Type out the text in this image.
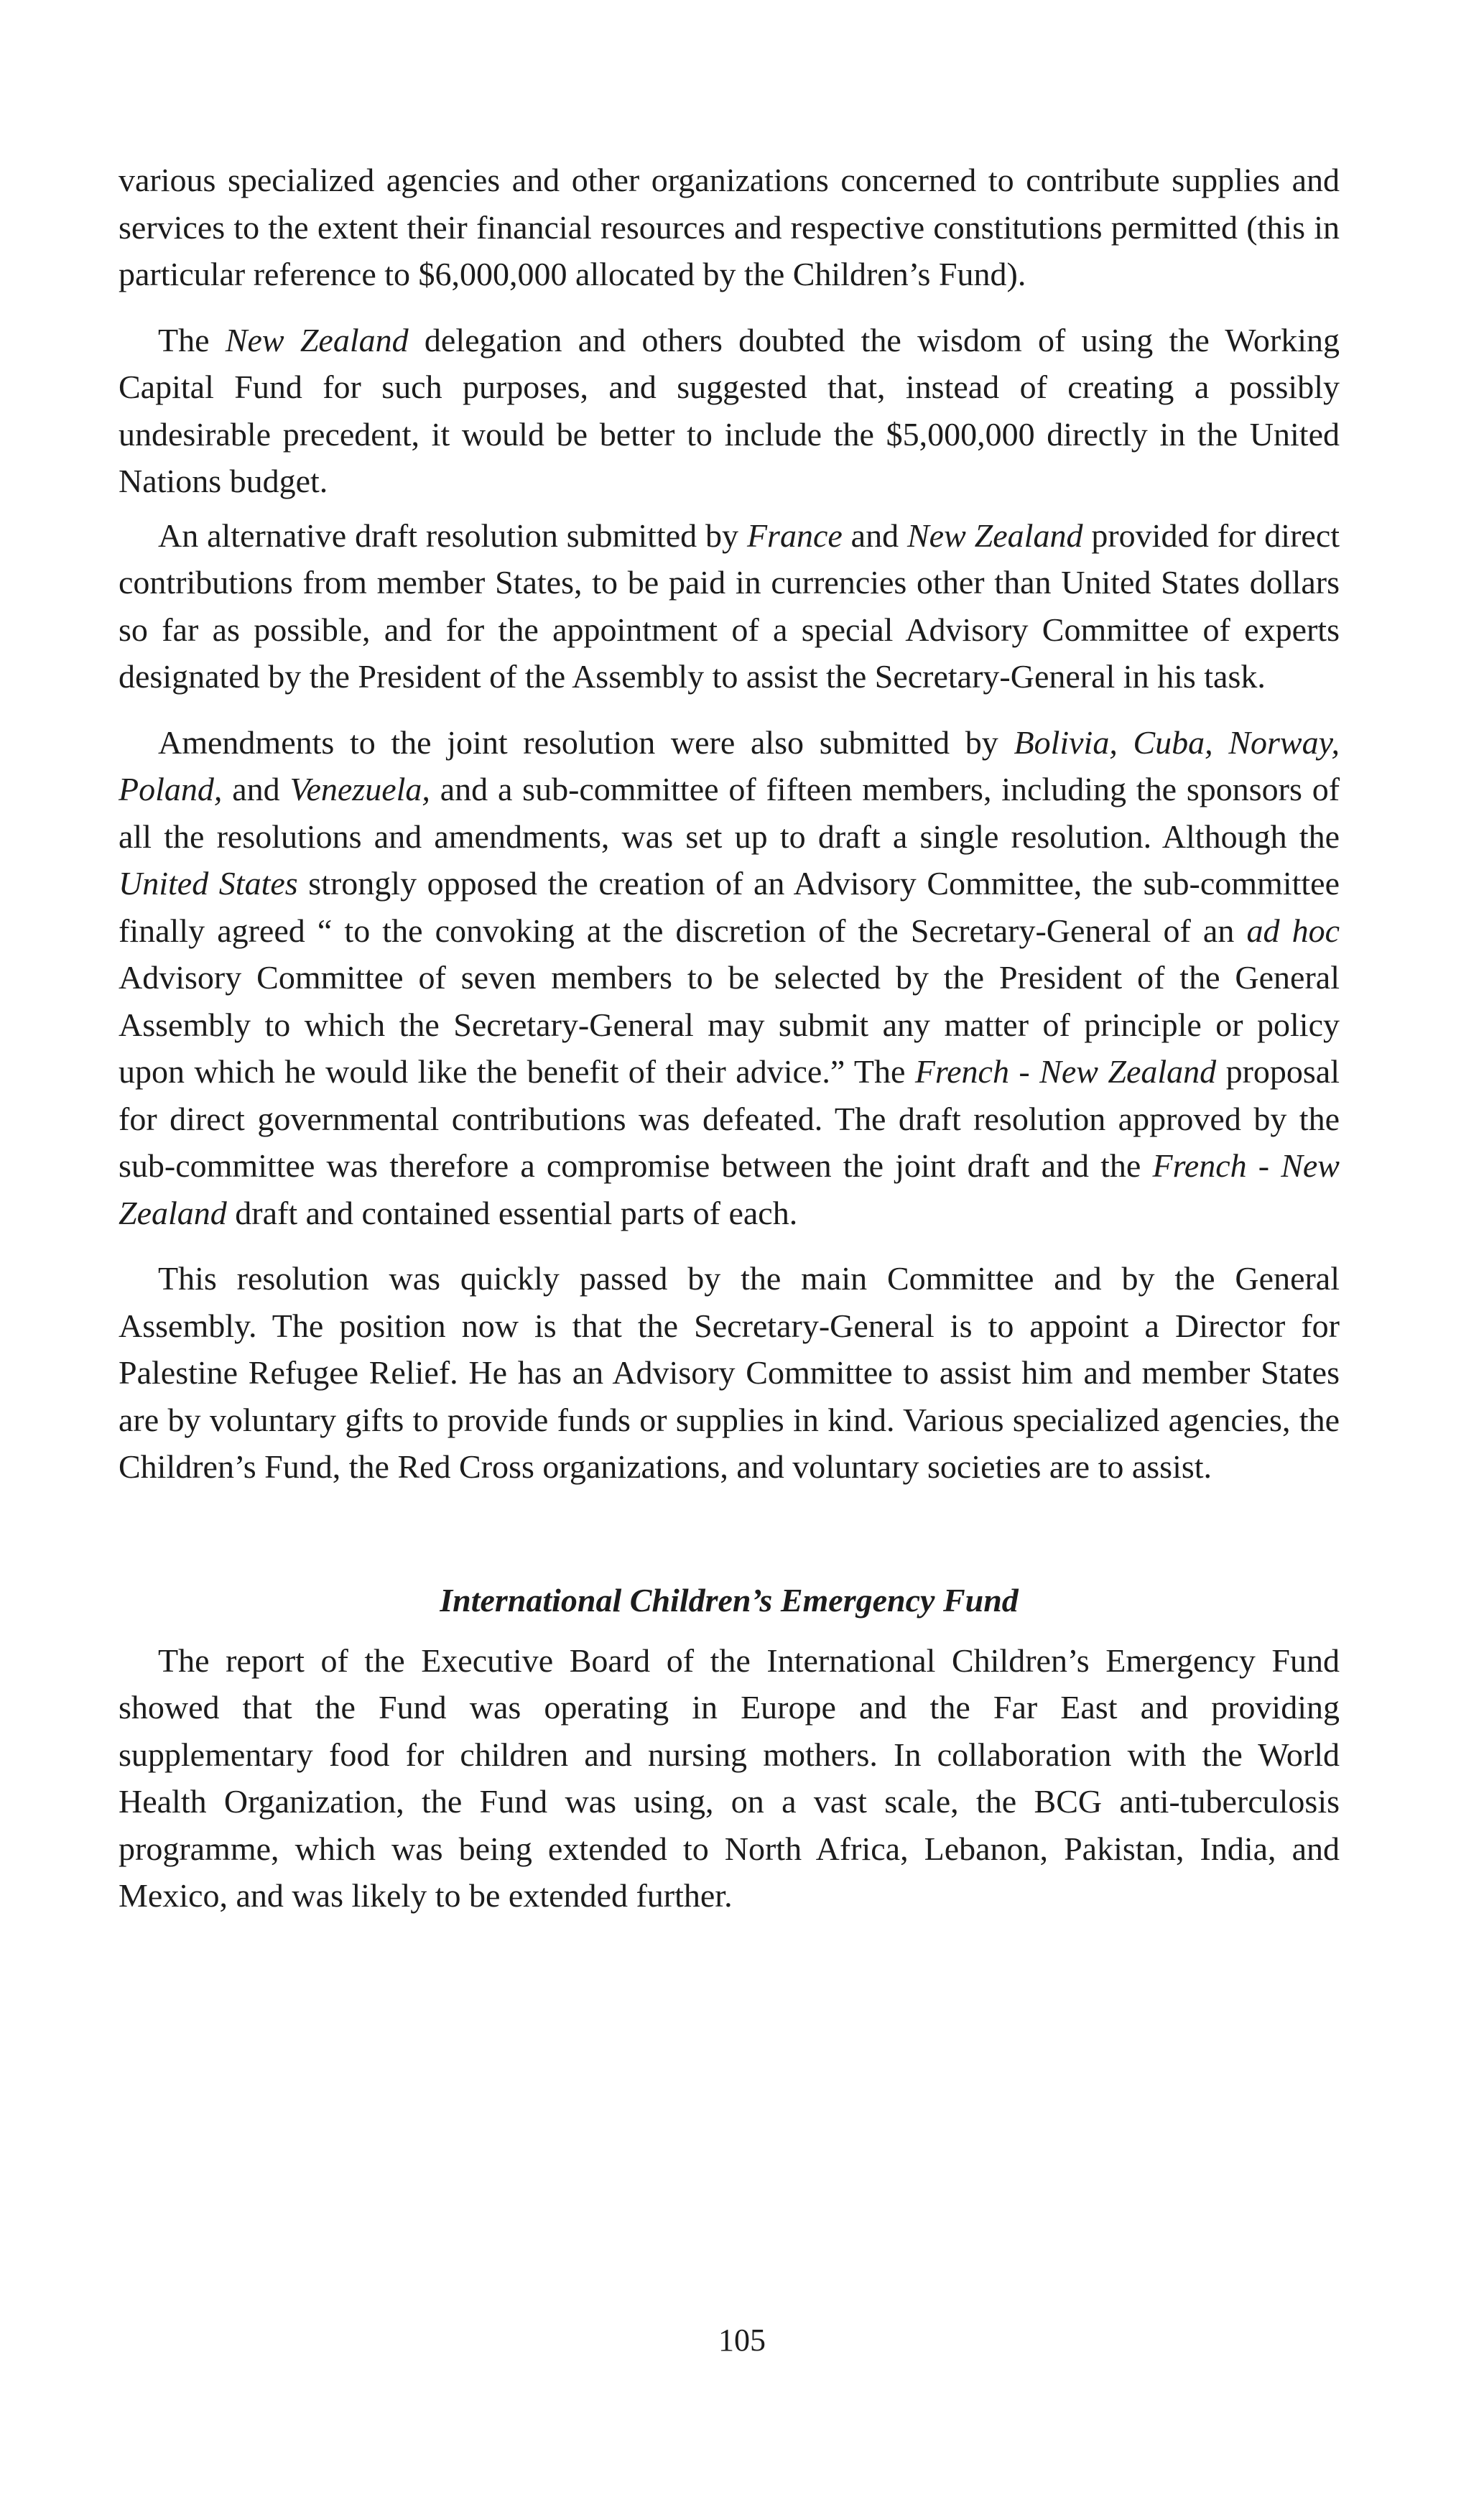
various specialized agencies and other organizations concerned to contribute supplies and services to the extent their financial resources and respective constitutions permitted (this in particular reference to $6,000,000 allocated by the Children’s Fund).

The New Zealand delegation and others doubted the wisdom of using the Working Capital Fund for such purposes, and suggested that, instead of creating a possibly undesirable precedent, it would be better to include the $5,000,000 directly in the United Nations budget.

An alternative draft resolution submitted by France and New Zealand provided for direct contributions from member States, to be paid in currencies other than United States dollars so far as possible, and for the appointment of a special Advisory Committee of experts designated by the President of the Assembly to assist the Secretary-General in his task.

Amendments to the joint resolution were also submitted by Bolivia, Cuba, Norway, Poland, and Venezuela, and a sub-committee of fifteen members, including the sponsors of all the resolutions and amendments, was set up to draft a single resolution. Although the United States strongly opposed the creation of an Advisory Committee, the sub-committee finally agreed “ to the convoking at the discretion of the Secretary-General of an ad hoc Advisory Committee of seven members to be selected by the President of the General Assembly to which the Secretary-General may submit any matter of principle or policy upon which he would like the benefit of their advice.” The French - New Zealand proposal for direct governmental contributions was defeated. The draft resolution approved by the sub-committee was therefore a compromise between the joint draft and the French - New Zealand draft and contained essential parts of each.

This resolution was quickly passed by the main Committee and by the General Assembly. The position now is that the Secretary-General is to appoint a Director for Palestine Refugee Relief. He has an Advisory Committee to assist him and member States are by voluntary gifts to provide funds or supplies in kind. Various specialized agencies, the Children’s Fund, the Red Cross organizations, and voluntary societies are to assist.

International Children’s Emergency Fund

The report of the Executive Board of the International Children’s Emergency Fund showed that the Fund was operating in Europe and the Far East and providing supplementary food for children and nursing mothers. In collaboration with the World Health Organization, the Fund was using, on a vast scale, the BCG anti-tuberculosis programme, which was being extended to North Africa, Lebanon, Pakistan, India, and Mexico, and was likely to be extended further.

105
